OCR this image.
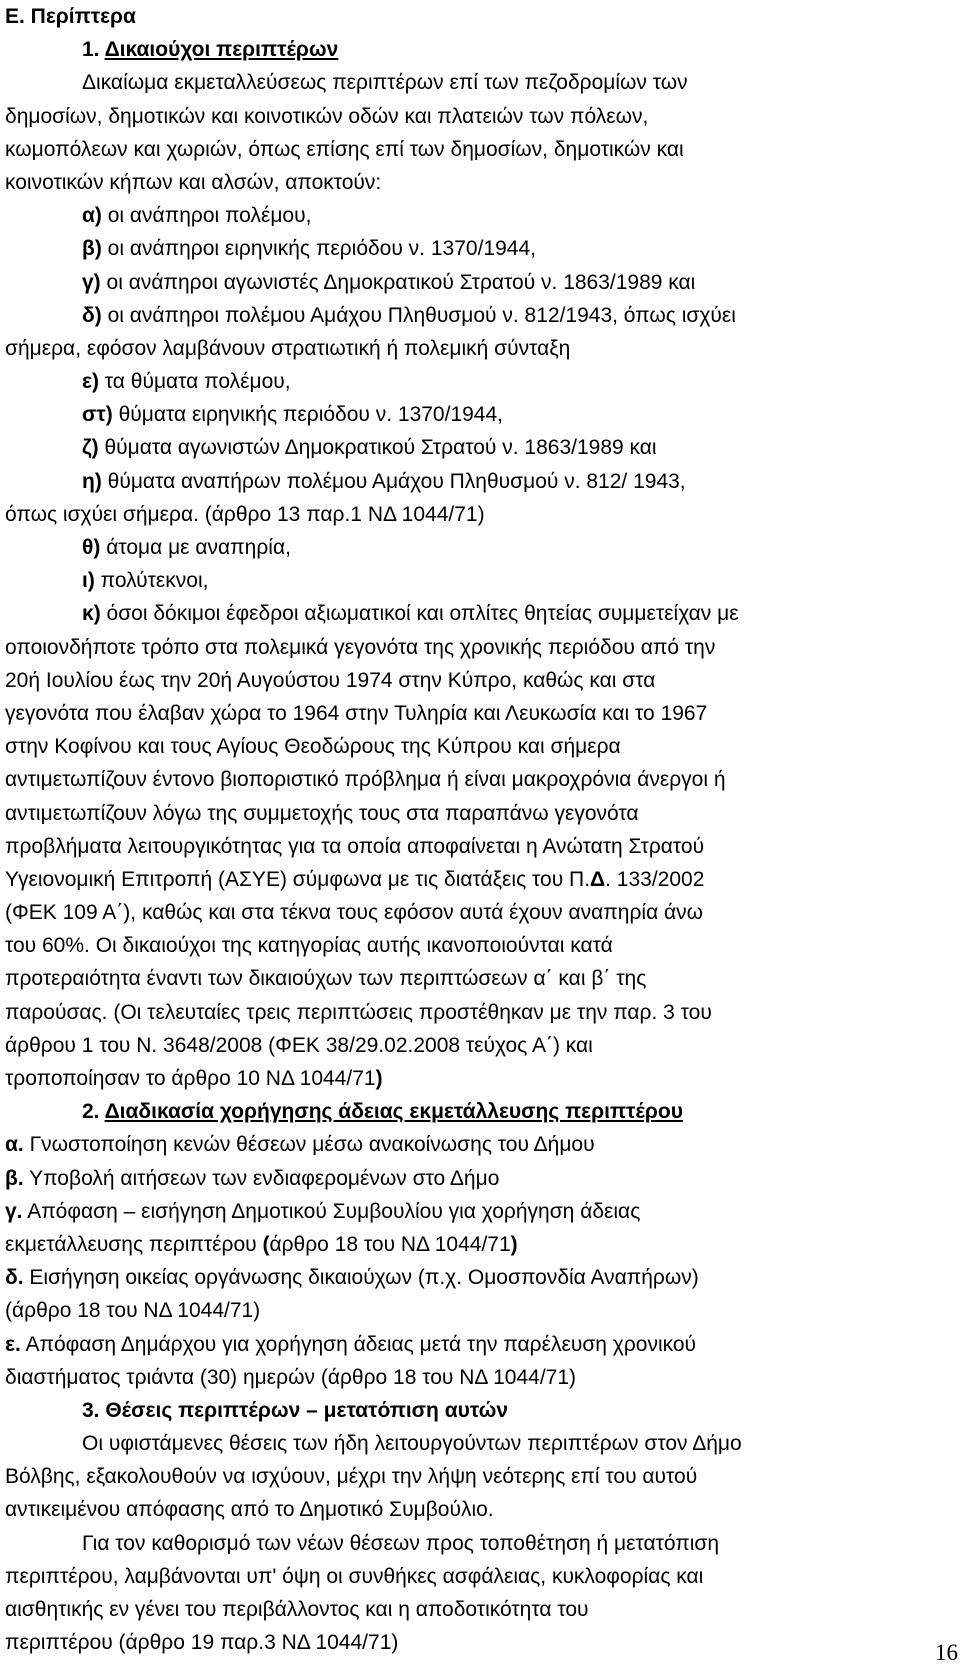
Ε. Περίπτερα
1. Δικαιούχοι περιπτέρων
Δικαίωμα εκμεταλλεύσεως περιπτέρων επί των πεζοδρομίων των
δημοσίων, δημοτικών και κοινοτικών οδών και πλατειών των πόλεων,
κωμοπόλεων και χωριών, όπως επίσης επί των δημοσίων, δημοτικών και
κοινοτικών κήπων και αλσών, αποκτούν:
α) οι ανάπηροι πολέμου,
β) οι ανάπηροι ειρηνικής περιόδου ν. 1370/1944,
γ) οι ανάπηροι αγωνιστές Δημοκρατικού Στρατού ν. 1863/1989 και
δ) οι ανάπηροι πολέμου Αμάχου Πληθυσμού ν. 812/1943, όπως ισχύει
σήμερα, εφόσον λαμβάνουν στρατιωτική ή πολεμική σύνταξη
ε) τα θύματα πολέμου,
στ) θύματα ειρηνικής περιόδου ν. 1370/1944,
ζ) θύματα αγωνιστών Δημοκρατικού Στρατού ν. 1863/1989 και
η) θύματα αναπήρων πολέμου Αμάχου Πληθυσμού ν. 812/ 1943,
όπως ισχύει σήμερα. (άρθρο 13 παρ.1 ΝΔ 1044/71)
θ) άτομα με αναπηρία,
ι) πολύτεκνοι,
κ) όσοι δόκιμοι έφεδροι αξιωματικοί και οπλίτες θητείας συμμετείχαν με
οποιονδήποτε τρόπο στα πολεμικά γεγονότα της χρονικής περιόδου από την
20ή Ιουλίου έως την 20ή Αυγούστου 1974 στην Κύπρο, καθώς και στα
γεγονότα που έλαβαν χώρα το 1964 στην Τυληρία και Λευκωσία και το 1967
στην Κοφίνου και τους Αγίους Θεοδώρους της Κύπρου και σήμερα
αντιμετωπίζουν έντονο βιοποριστικό πρόβλημα ή είναι μακροχρόνια άνεργοι ή
αντιμετωπίζουν λόγω της συμμετοχής τους στα παραπάνω γεγονότα
προβλήματα λειτουργικότητας για τα οποία αποφαίνεται η Ανώτατη Στρατού
Υγειονομική Επιτροπή (ΑΣΥΕ) σύμφωνα με τις διατάξεις του Π.Δ. 133/2002
(ΦΕΚ 109 Α΄), καθώς και στα τέκνα τους εφόσον αυτά έχουν αναπηρία άνω
του 60%. Οι δικαιούχοι της κατηγορίας αυτής ικανοποιούνται κατά
προτεραιότητα έναντι των δικαιούχων των περιπτώσεων α΄ και β΄ της
παρούσας. (Οι τελευταίες τρεις περιπτώσεις προστέθηκαν με την παρ. 3 του
άρθρου 1 του Ν. 3648/2008 (ΦΕΚ 38/29.02.2008 τεύχος Α΄) και
τροποποίησαν το άρθρο 10 ΝΔ 1044/71)
2. Διαδικασία χορήγησης άδειας εκμετάλλευσης περιπτέρου
α. Γνωστοποίηση κενών θέσεων μέσω ανακοίνωσης του Δήμου
β. Υποβολή αιτήσεων των ενδιαφερομένων στο Δήμο
γ. Απόφαση – εισήγηση Δημοτικού Συμβουλίου για χορήγηση άδειας
εκμετάλλευσης περιπτέρου (άρθρο 18 του ΝΔ 1044/71)
δ. Εισήγηση οικείας οργάνωσης δικαιούχων (π.χ. Ομοσπονδία Αναπήρων)
(άρθρο 18 του ΝΔ 1044/71)
ε. Απόφαση Δημάρχου για χορήγηση άδειας μετά την παρέλευση χρονικού
διαστήματος τριάντα (30) ημερών (άρθρο 18 του ΝΔ 1044/71)
3. Θέσεις περιπτέρων – μετατόπιση αυτών
Οι υφιστάμενες θέσεις των ήδη λειτουργούντων περιπτέρων στον Δήμο
Βόλβης, εξακολουθούν να ισχύουν, μέχρι την λήψη νεότερης επί του αυτού
αντικειμένου απόφασης από το Δημοτικό Συμβούλιο.
Για τον καθορισμό των νέων θέσεων προς τοποθέτηση ή μετατόπιση
περιπτέρου, λαμβάνονται υπ' όψη οι συνθήκες ασφάλειας, κυκλοφορίας και
αισθητικής εν γένει του περιβάλλοντος και η αποδοτικότητα του
περιπτέρου (άρθρο 19 παρ.3 ΝΔ 1044/71)	16
